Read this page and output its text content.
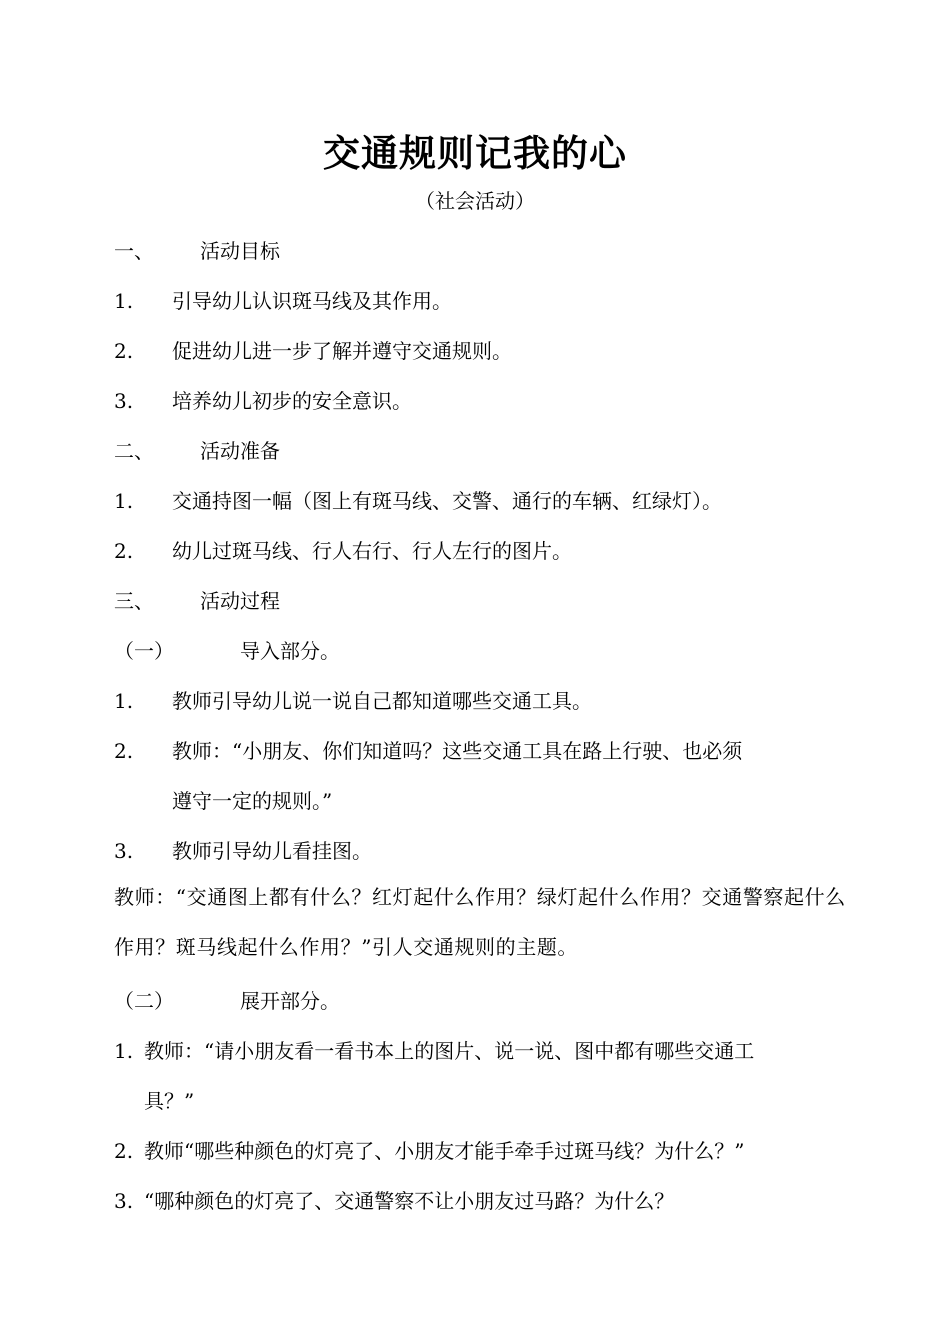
交通规则记我的心
（社会活动）
一、 活动目标
1. 引导幼儿认识斑马线及其作用。
2. 促进幼儿进一步了解并遵守交通规则。
3. 培养幼儿初步的安全意识。
二、 活动准备
1. 交通持图一幅（图上有斑马线、交警、通行的车辆、红绿灯）。
2. 幼儿过斑马线、行人右行、行人左行的图片。
三、 活动过程
（一）	导入部分。
1. 教师引导幼儿说一说自己都知道哪些交通工具。
2. 教师：“小朋友、你们知道吗？这些交通工具在路上行驶、也必须
遵守一定的规则。”
3. 教师引导幼儿看挂图。
教师：“交通图上都有什么？红灯起什么作用？绿灯起什么作用？交通警察起什么作用？斑马线起什么作用？”引人交通规则的主题。
（二）	展开部分。
1. 教师：“请小朋友看一看书本上的图片、说一说、图中都有哪些交通工
具？”
2. 教师“哪些种颜色的灯亮了、小朋友才能手牵手过斑马线？为什么？”
3. “哪种颜色的灯亮了、交通警察不让小朋友过马路？为什么？
